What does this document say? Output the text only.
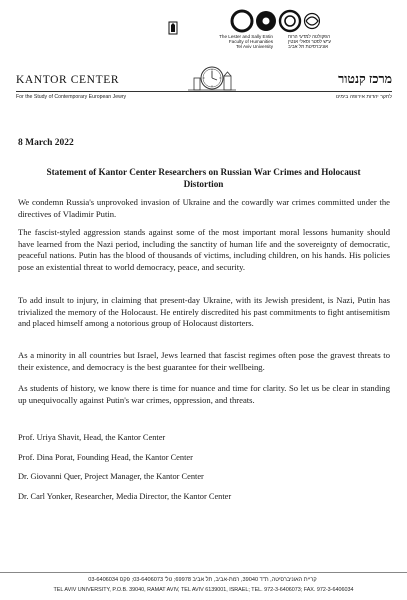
The Lester and Sally Entin
Faculty of Humanities
Tel Aviv University
הפקולטה למדעי הרוח
ע"ש לסטר וסאלי אנטין
אוניברסיטת תל אביב
KANTOR CENTER	מרכז קנטור
For the Study of Contemporary European Jewry	לחקר יהדות אירופה בימינו
8 March 2022
Statement of Kantor Center Researchers on Russian War Crimes and Holocaust Distortion

We condemn Russia's unprovoked invasion of Ukraine and the cowardly war crimes committed under the directives of Vladimir Putin.

The fascist-styled aggression stands against some of the most important moral lessons humanity should have learned from the Nazi period, including the sanctity of human life and the sovereignty of democratic, peaceful nations. Putin has the blood of thousands of victims, including children, on his hands. His policies pose an existential threat to world democracy, peace, and security.

To add insult to injury, in claiming that present-day Ukraine, with its Jewish president, is Nazi, Putin has trivialized the memory of the Holocaust. He entirely discredited his past commitments to fight antisemitism and placed himself among a notorious group of Holocaust distorters.

As a minority in all countries but Israel, Jews learned that fascist regimes often pose the gravest threats to their existence, and democracy is the best guarantee for their wellbeing.

As students of history, we know there is time for nuance and time for clarity. So let us be clear in standing up unequivocally against Putin's war crimes, oppression, and threats.

Prof. Uriya Shavit, Head, the Kantor Center
Prof. Dina Porat, Founding Head, the Kantor Center
Dr. Giovanni Quer, Project Manager, the Kantor Center
Dr. Carl Yonker, Researcher, Media Director, the Kantor Center
קריית האוניברסיטה, ת"ד 39040, רמת-אביב, תל אביב 69978; טל' 03-6406073; פקס 03-6406034
TEL AVIV UNIVERSITY, P.O.B. 39040, RAMAT AVIV, TEL AVIV 6139001, ISRAEL; TEL. 972-3-6406073; FAX. 972-3-6406034
